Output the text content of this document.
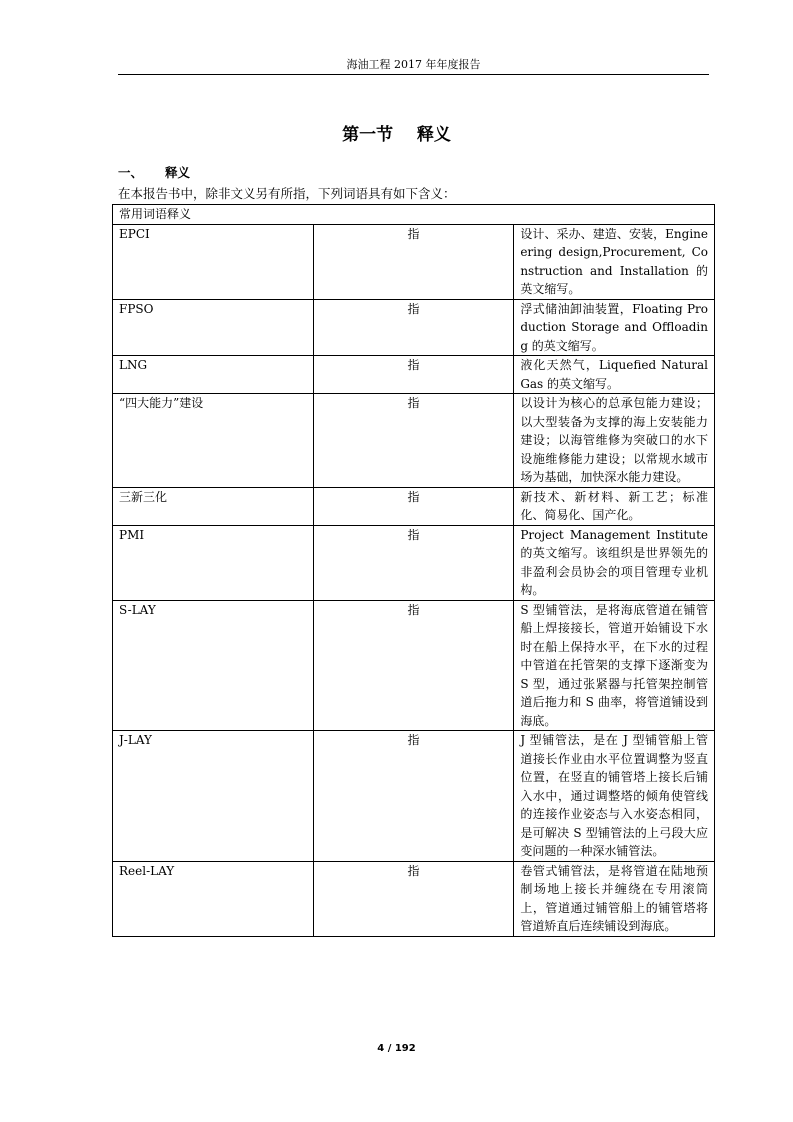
海油工程 2017 年年度报告
第一节    释义
一、 释义
在本报告书中，除非文义另有所指，下列词语具有如下含义：
常用词语释义		
EPCI	指	设计、采办、建造、安装，Engineering design,Procurement, Construction and Installation 的英文缩写。
FPSO	指	浮式储油卸油装置，Floating Production Storage and Offloading 的英文缩写。
LNG	指	液化天然气，Liquefied Natural Gas 的英文缩写。
“四大能力”建设	指	以设计为核心的总承包能力建设；以大型装备为支撑的海上安装能力建设；以海管维修为突破口的水下设施维修能力建设；以常规水域市场为基础，加快深水能力建设。
三新三化	指	新技术、新材料、新工艺；标准化、简易化、国产化。
PMI	指	Project Management Institute 的英文缩写。该组织是世界领先的非盈利会员协会的项目管理专业机构。
S-LAY	指	S 型铺管法，是将海底管道在铺管船上焊接接长，管道开始铺设下水时在船上保持水平，在下水的过程中管道在托管架的支撑下逐渐变为 S 型，通过张紧器与托管架控制管道后拖力和 S 曲率，将管道铺设到海底。
J-LAY	指	J 型铺管法，是在 J 型铺管船上管道接长作业由水平位置调整为竖直位置，在竖直的铺管塔上接长后铺入水中，通过调整塔的倾角使管线的连接作业姿态与入水姿态相同，是可解决 S 型铺管法的上弓段大应变问题的一种深水铺管法。
Reel-LAY	指	卷管式铺管法，是将管道在陆地预制场地上接长并缠绕在专用滚筒上，管道通过铺管船上的铺管塔将管道矫直后连续铺设到海底。
4 / 192
